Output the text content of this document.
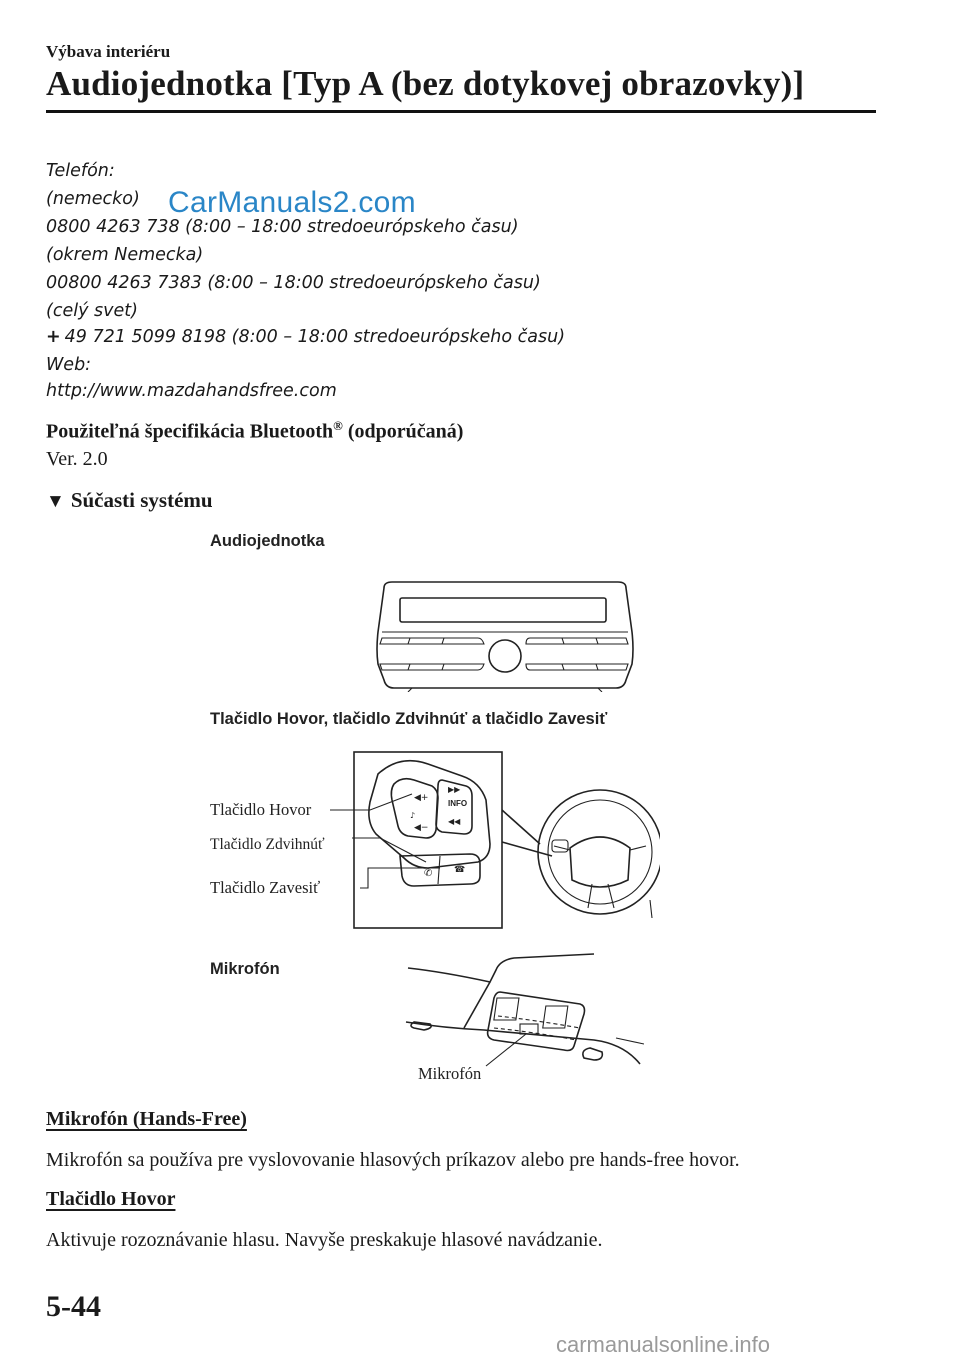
Výbava interiéru
Audiojednotka [Typ A (bez dotykovej obrazovky)]
Telefón:
(nemecko)
0800 4263 738 (8:00 – 18:00 stredoeurópskeho času)
(okrem Nemecka)
00800 4263 7383 (8:00 – 18:00 stredoeurópskeho času)
(celý svet)
+ 49 721 5099 8198 (8:00 – 18:00 stredoeurópskeho času)
Web:
http://www.mazdahandsfree.com
CarManuals2.com
Použiteľná špecifikácia Bluetooth® (odporúčaná)
Ver. 2.0
▼ Súčasti systému
Audiojednotka
Tlačidlo Hovor, tlačidlo Zdvihnúť a tlačidlo Zavesiť
INFO
◀+
♪
◀−
▶▶
◀◀
✆ ☎
Tlačidlo Hovor
Tlačidlo Zdvihnúť
Tlačidlo Zavesiť
Mikrofón
Mikrofón
Mikrofón (Hands-Free)
Mikrofón sa používa pre vyslovovanie hlasových príkazov alebo pre hands-free hovor.
Tlačidlo Hovor
Aktivuje rozoznávanie hlasu. Navyše preskakuje hlasové navádzanie.
5-44
carmanualsonline.info
